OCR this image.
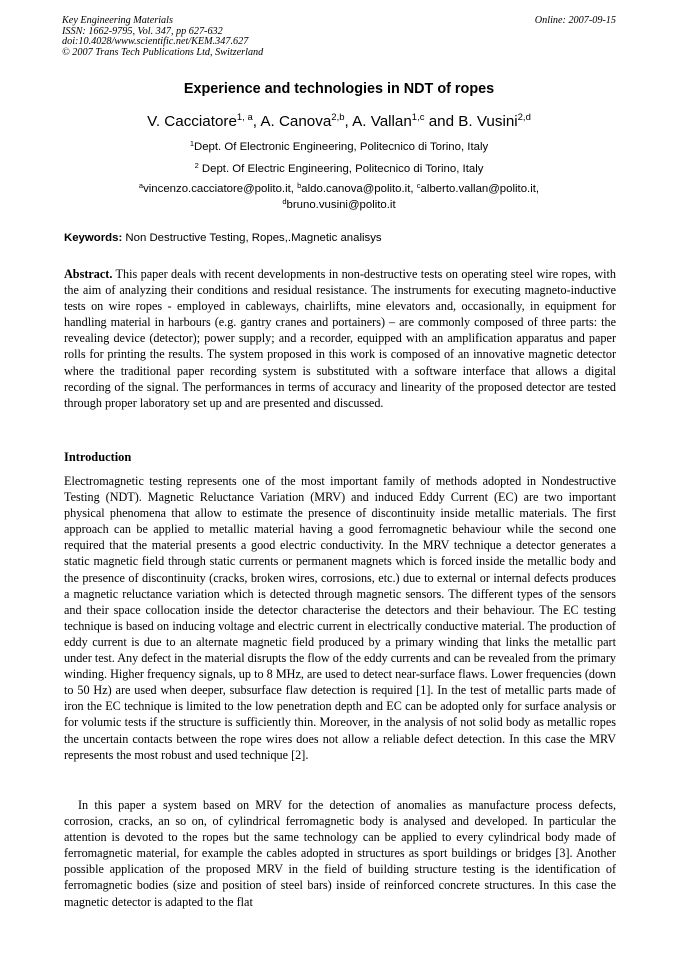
Key Engineering Materials
ISSN: 1662-9795, Vol. 347, pp 627-632
doi:10.4028/www.scientific.net/KEM.347.627
© 2007 Trans Tech Publications Ltd, Switzerland
Online: 2007-09-15
Experience and technologies in NDT of ropes
V. Cacciatore$^{1, a}$, A. Canova$^{2,b}$, A. Vallan$^{1,c}$ and B. Vusini$^{2,d}$
$^1$Dept. Of Electronic Engineering, Politecnico di Torino, Italy
$^2$ Dept. Of Electric Engineering, Politecnico di Torino, Italy
$^a$vincenzo.cacciatore@polito.it, $^b$aldo.canova@polito.it, $^c$alberto.vallan@polito.it,
$^d$bruno.vusini@polito.it
Keywords: Non Destructive Testing, Ropes,.Magnetic analisys
Abstract. This paper deals with recent developments in non-destructive tests on operating steel wire ropes, with the aim of analyzing their conditions and residual resistance. The instruments for executing magneto-inductive tests on wire ropes - employed in cableways, chairlifts, mine elevators and, occasionally, in equipment for handling material in harbours (e.g. gantry cranes and portainers) – are commonly composed of three parts: the revealing device (detector); power supply; and a recorder, equipped with an amplification apparatus and paper rolls for printing the results. The system proposed in this work is composed of an innovative magnetic detector where the traditional paper recording system is substituted with a software interface that allows a digital recording of the signal. The performances in terms of accuracy and linearity of the proposed detector are tested through proper laboratory set up and are presented and discussed.
Introduction
Electromagnetic testing represents one of the most important family of methods adopted in Nondestructive Testing (NDT). Magnetic Reluctance Variation (MRV) and induced Eddy Current (EC) are two important physical phenomena that allow to estimate the presence of discontinuity inside metallic materials. The first approach can be applied to metallic material having a good ferromagnetic behaviour while the second one required that the material presents a good electric conductivity. In the MRV technique a detector generates a static magnetic field through static currents or permanent magnets which is forced inside the metallic body and the presence of discontinuity (cracks, broken wires, corrosions, etc.) due to external or internal defects produces a magnetic reluctance variation which is detected through magnetic sensors. The different types of the sensors and their space collocation inside the detector characterise the detectors and their behaviour. The EC testing technique is based on inducing voltage and electric current in electrically conductive material. The production of eddy current is due to an alternate magnetic field produced by a primary winding that links the metallic part under test. Any defect in the material disrupts the flow of the eddy currents and can be revealed from the primary winding. Higher frequency signals, up to 8 MHz, are used to detect near-surface flaws. Lower frequencies (down to 50 Hz) are used when deeper, subsurface flaw detection is required [1]. In the test of metallic parts made of iron the EC technique is limited to the low penetration depth and EC can be adopted only for surface analysis or for volumic tests if the structure is sufficiently thin. Moreover, in the analysis of not solid body as metallic ropes the uncertain contacts between the rope wires does not allow a reliable defect detection. In this case the MRV represents the most robust and used technique [2].
In this paper a system based on MRV for the detection of anomalies as manufacture process defects, corrosion, cracks, an so on, of cylindrical ferromagnetic body is analysed and developed. In particular the attention is devoted to the ropes but the same technology can be applied to every cylindrical body made of ferromagnetic material, for example the cables adopted in structures as sport buildings or bridges [3]. Another possible application of the proposed MRV in the field of building structure testing is the identification of ferromagnetic bodies (size and position of steel bars) inside of reinforced concrete structures. In this case the magnetic detector is adapted to the flat
